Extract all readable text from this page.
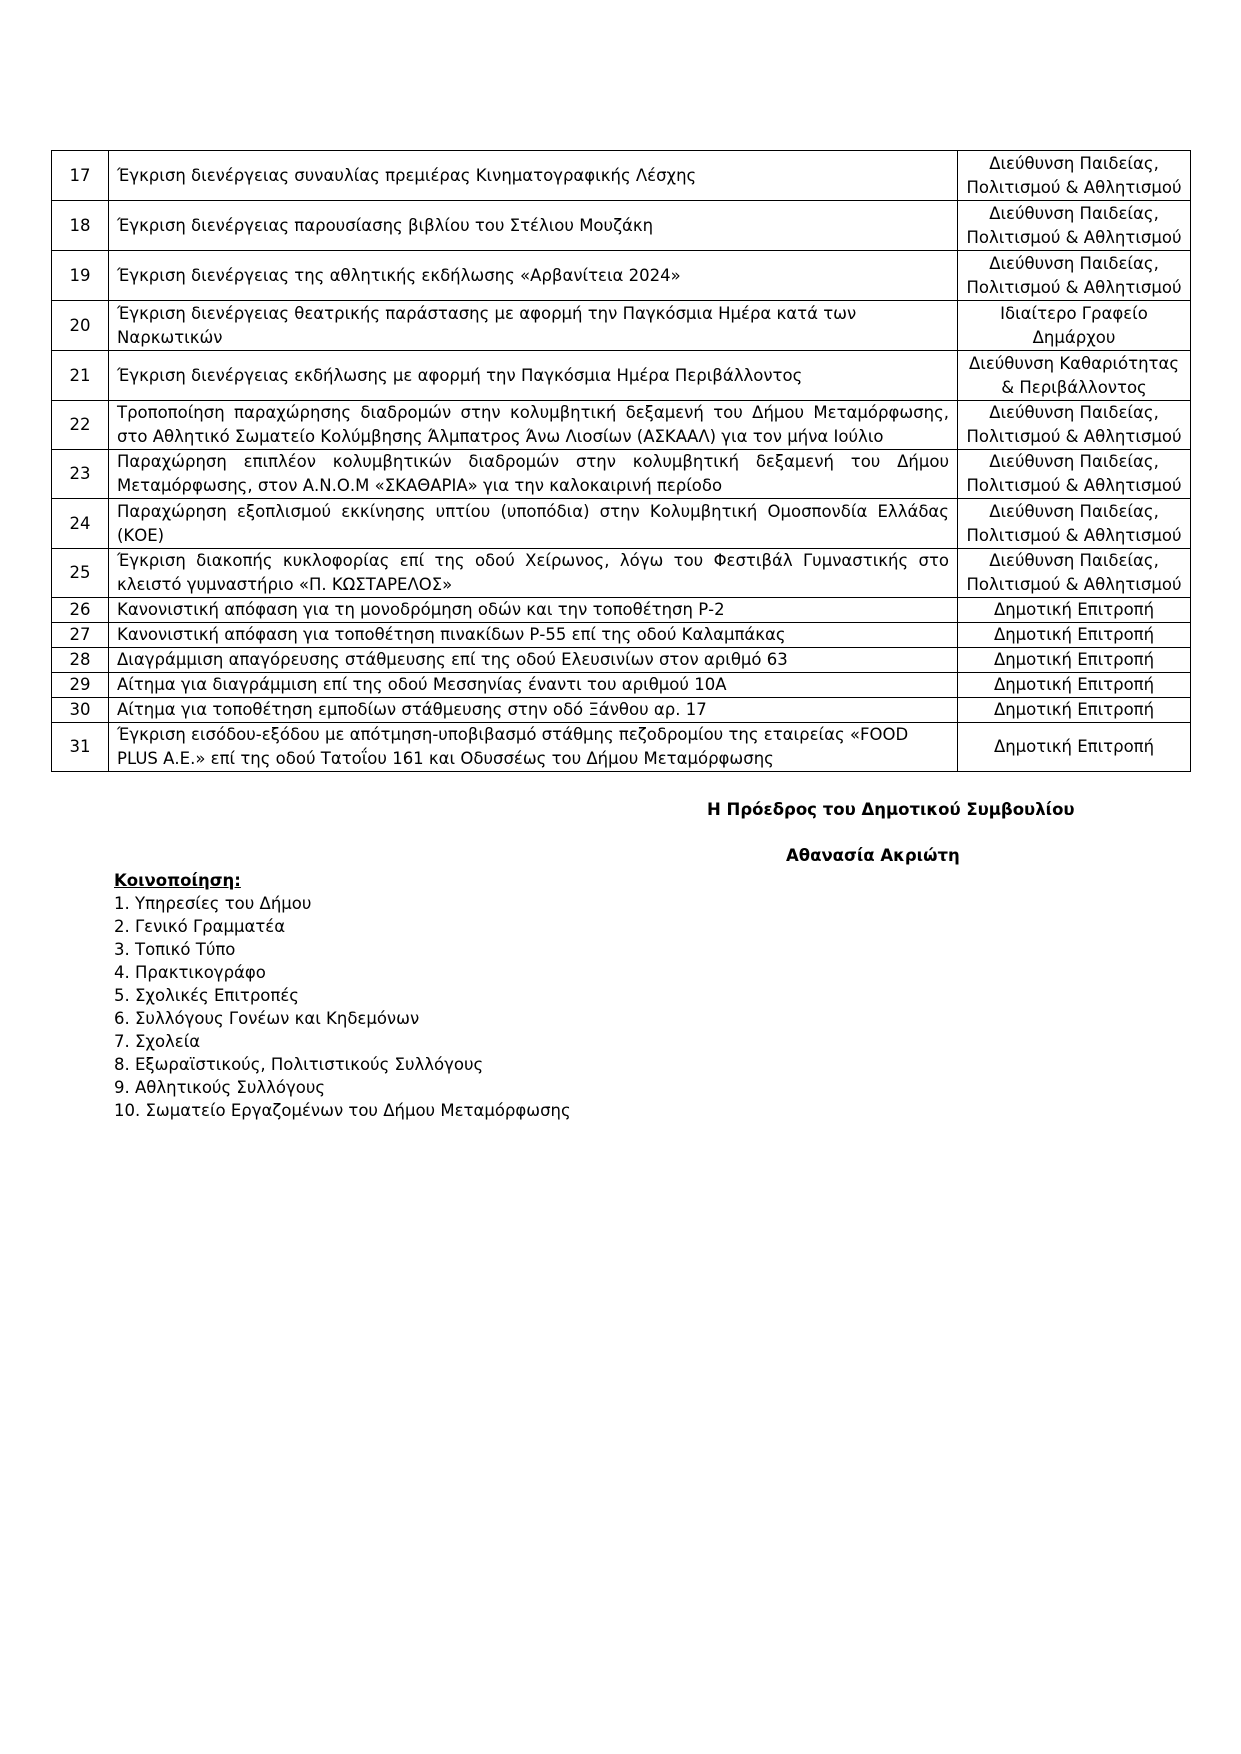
17	Έγκριση διενέργειας συναυλίας πρεμιέρας Κινηματογραφικής Λέσχης	Διεύθυνση Παιδείας,
Πολιτισμού & Αθλητισμού

18	Έγκριση διενέργειας παρουσίασης βιβλίου του Στέλιου Μουζάκη	Διεύθυνση Παιδείας,
Πολιτισμού & Αθλητισμού

19	Έγκριση διενέργειας της αθλητικής εκδήλωσης «Αρβανίτεια 2024»	Διεύθυνση Παιδείας,
Πολιτισμού & Αθλητισμού

20	Έγκριση διενέργειας θεατρικής παράστασης με αφορμή την Παγκόσμια Ημέρα κατά των Ναρκωτικών	Ιδιαίτερο Γραφείο
Δημάρχου

21	Έγκριση διενέργειας εκδήλωσης με αφορμή την Παγκόσμια Ημέρα Περιβάλλοντος	Διεύθυνση Καθαριότητας
& Περιβάλλοντος

22	Τροποποίηση παραχώρησης διαδρομών στην κολυμβητική δεξαμενή του Δήμου Μεταμόρφωσης, στο Αθλητικό Σωματείο Κολύμβησης Άλμπατρος Άνω Λιοσίων (ΑΣΚΑΑΛ) για τον μήνα Ιούλιο	Διεύθυνση Παιδείας,
Πολιτισμού & Αθλητισμού

23	Παραχώρηση επιπλέον κολυμβητικών διαδρομών στην κολυμβητική δεξαμενή του Δήμου Μεταμόρφωσης, στον Α.Ν.Ο.Μ «ΣΚΑΘΑΡΙΑ» για την καλοκαιρινή περίοδο	Διεύθυνση Παιδείας,
Πολιτισμού & Αθλητισμού

24	Παραχώρηση εξοπλισμού εκκίνησης υπτίου (υποπόδια) στην Κολυμβητική Ομοσπονδία Ελλάδας (ΚΟΕ)	Διεύθυνση Παιδείας,
Πολιτισμού & Αθλητισμού

25	Έγκριση διακοπής κυκλοφορίας επί της οδού Χείρωνος, λόγω του Φεστιβάλ Γυμναστικής στο κλειστό γυμναστήριο «Π. ΚΩΣΤΑΡΕΛΟΣ»	Διεύθυνση Παιδείας,
Πολιτισμού & Αθλητισμού

26	Κανονιστική απόφαση για τη μονοδρόμηση οδών και την τοποθέτηση Ρ-2	Δημοτική Επιτροπή

27	Κανονιστική απόφαση για τοποθέτηση πινακίδων Ρ-55 επί της οδού Καλαμπάκας	Δημοτική Επιτροπή

28	Διαγράμμιση απαγόρευσης στάθμευσης επί της οδού Ελευσινίων στον αριθμό 63	Δημοτική Επιτροπή

29	Αίτημα για διαγράμμιση επί της οδού Μεσσηνίας έναντι του αριθμού 10Α	Δημοτική Επιτροπή

30	Αίτημα για τοποθέτηση εμποδίων στάθμευσης στην οδό Ξάνθου αρ. 17	Δημοτική Επιτροπή

31	Έγκριση εισόδου-εξόδου με απότμηση-υποβιβασμό στάθμης πεζοδρομίου της εταιρείας «FOOD PLUS Α.Ε.» επί της οδού Τατοΐου 161 και Οδυσσέως του Δήμου Μεταμόρφωσης	Δημοτική Επιτροπή
Η Πρόεδρος του Δημοτικού Συμβουλίου
Αθανασία Ακριώτη
Κοινοποίηση:
1. Υπηρεσίες του Δήμου
2. Γενικό Γραμματέα
3. Τοπικό Τύπο
4. Πρακτικογράφο
5. Σχολικές Επιτροπές
6. Συλλόγους Γονέων και Κηδεμόνων
7. Σχολεία
8. Εξωραϊστικούς, Πολιτιστικούς Συλλόγους
9. Αθλητικούς Συλλόγους
10. Σωματείο Εργαζομένων του Δήμου Μεταμόρφωσης
